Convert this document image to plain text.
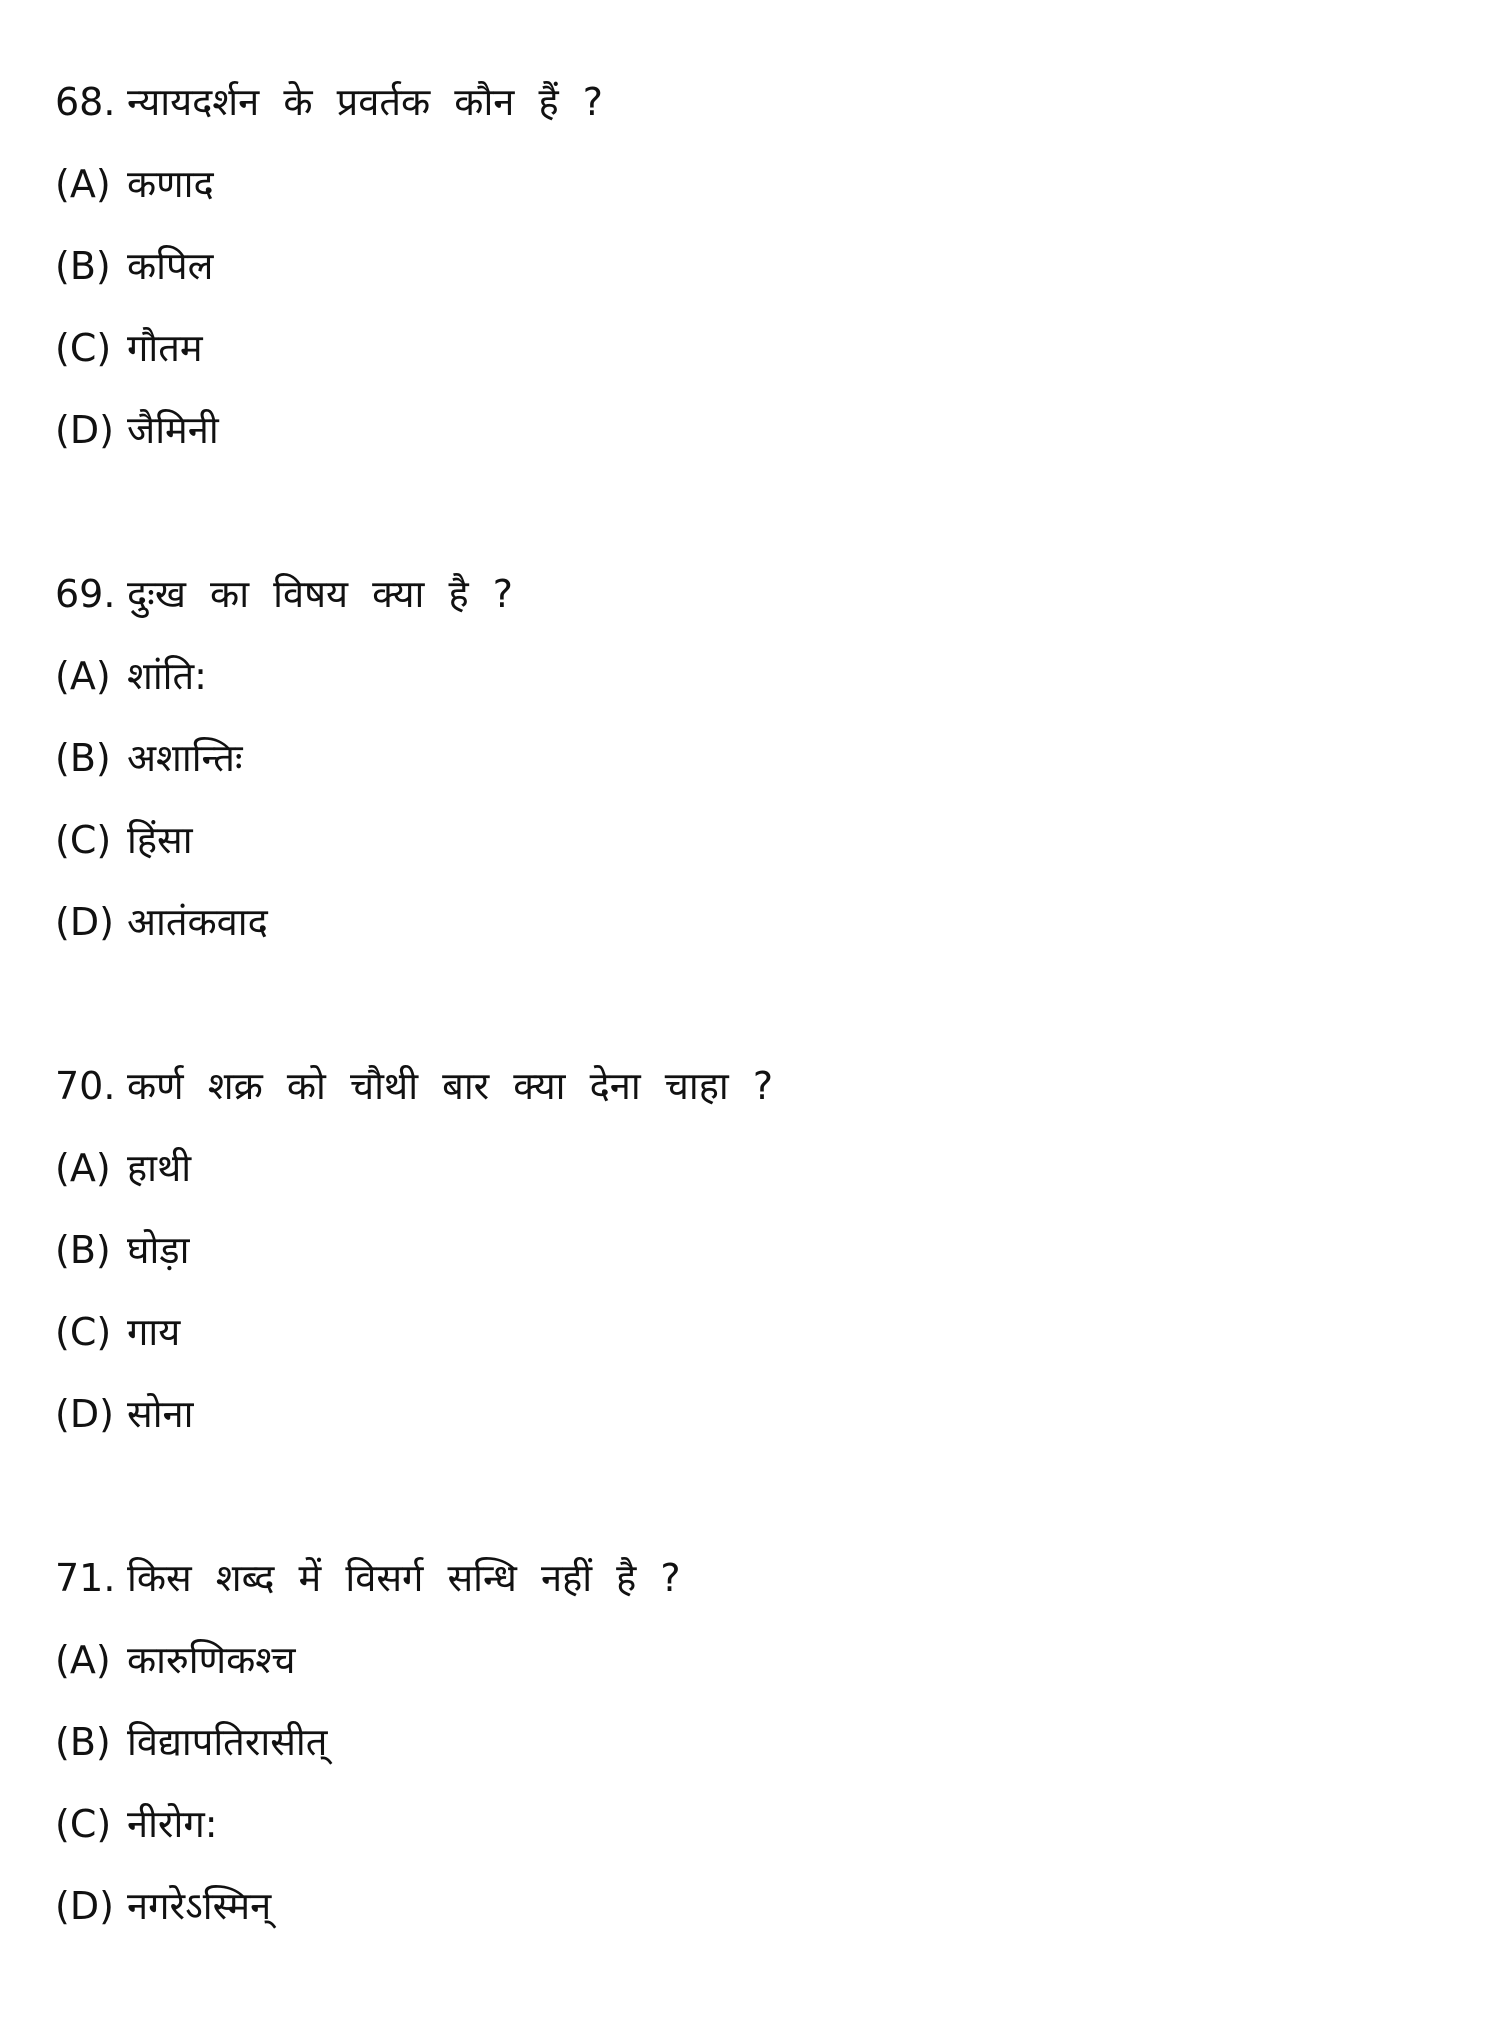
68. न्यायदर्शन के प्रवर्तक कौन हैं ?
(A) कणाद
(B) कपिल
(C) गौतम
(D) जैमिनी
69. दुःख का विषय क्या है ?
(A) शांति:
(B) अशान्तिः
(C) हिंसा
(D) आतंकवाद
70. कर्ण शक्र को चौथी बार क्या देना चाहा ?
(A) हाथी
(B) घोड़ा
(C) गाय
(D) सोना
71. किस शब्द में विसर्ग सन्धि नहीं है ?
(A) कारुणिकश्च
(B) विद्यापतिरासीत्
(C) नीरोग:
(D) नगरेऽस्मिन्
